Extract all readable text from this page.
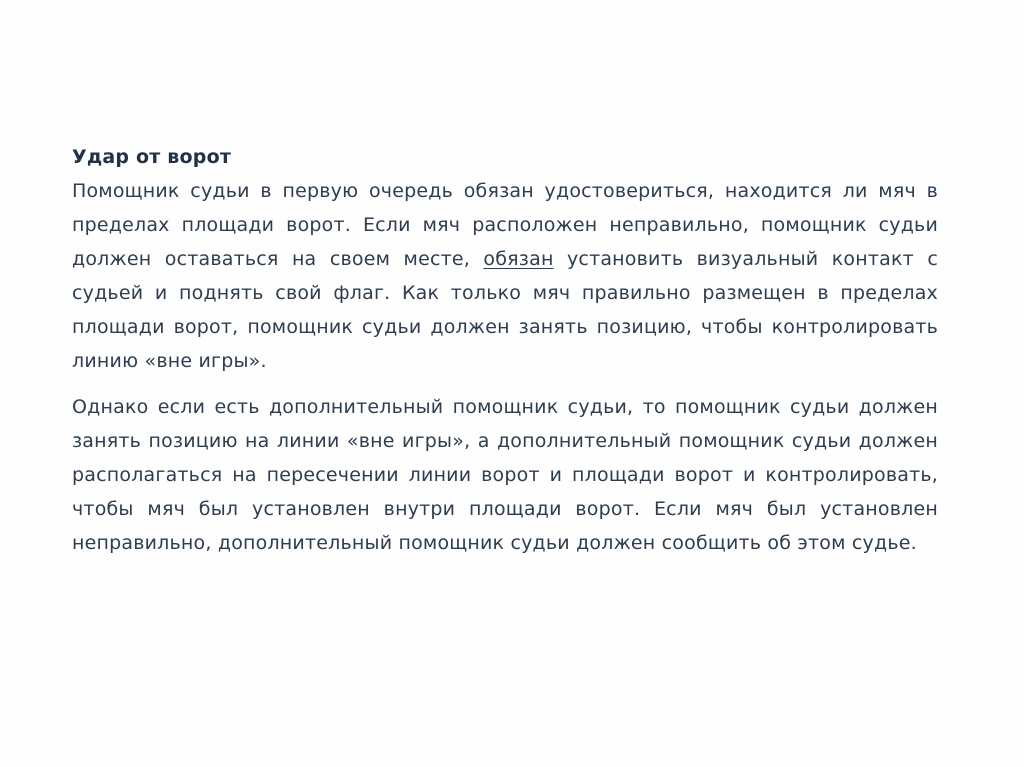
Удар от ворот

Помощник судьи в первую очередь обязан удостовериться, находится ли мяч в пределах площади ворот. Если мяч расположен неправильно, помощник судьи должен оставаться на своем месте, обязан установить визуальный контакт с судьей и поднять свой флаг. Как только мяч правильно размещен в пределах площади ворот, помощник судьи должен занять позицию, чтобы контролировать линию «вне игры».

Однако если есть дополнительный помощник судьи, то помощник судьи должен занять позицию на линии «вне игры», а дополнительный помощник судьи должен располагаться на пересечении линии ворот и площади ворот и контролировать, чтобы мяч был установлен внутри площади ворот. Если мяч был установлен неправильно, дополнительный помощник судьи должен сообщить об этом судье.
